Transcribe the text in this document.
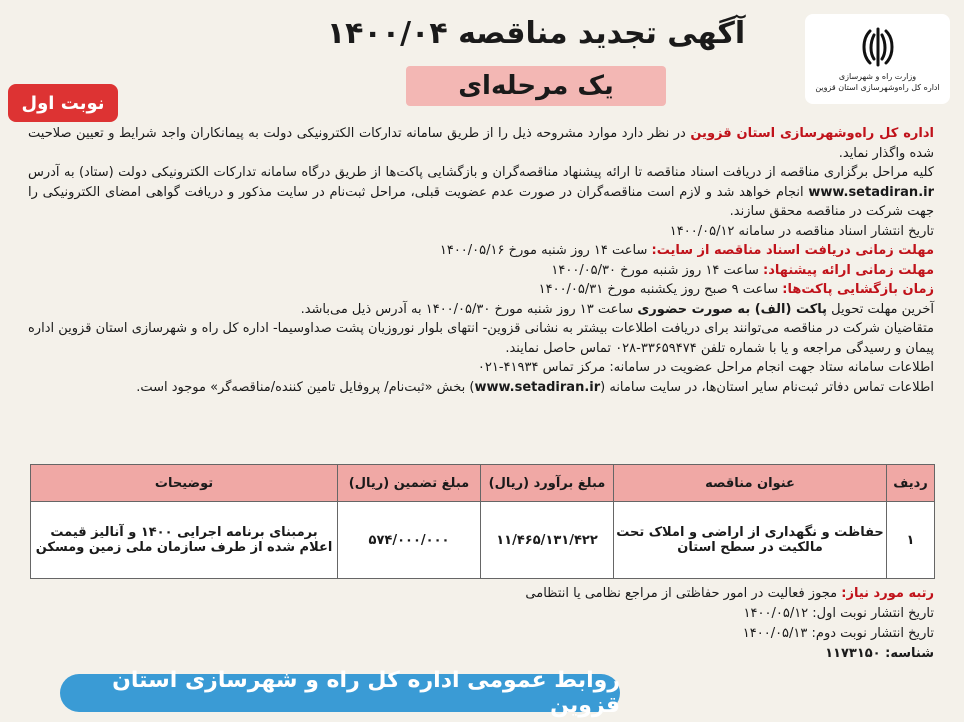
وزارت راه و شهرسازی
اداره کل راه‌وشهرسازی استان قزوین
آگهی تجدید مناقصه ۱۴۰۰/۰۴
یک مرحله‌ای
نوبت اول

اداره کل راه‌وشهرسازی استان قزوین در نظر دارد موارد مشروحه ذیل را از طریق سامانه تدارکات الکترونیکی دولت به پیمانکاران واجد شرایط و تعیین صلاحیت شده واگذار نماید.

کلیه مراحل برگزاری مناقصه از دریافت اسناد مناقصه تا ارائه پیشنهاد مناقصه‌گران و بازگشایی پاکت‌ها از طریق درگاه سامانه تدارکات الکترونیکی دولت (ستاد) به آدرس www.setadiran.ir انجام خواهد شد و لازم است مناقصه‌گران در صورت عدم عضویت قبلی، مراحل ثبت‌نام در سایت مذکور و دریافت گواهی امضای الکترونیکی را جهت شرکت در مناقصه محقق سازند.

تاریخ انتشار اسناد مناقصه در سامانه ۱۴۰۰/۰۵/۱۲

مهلت زمانی دریافت اسناد مناقصه از سایت: ساعت ۱۴ روز شنبه مورخ ۱۴۰۰/۰۵/۱۶

مهلت زمانی ارائه پیشنهاد: ساعت ۱۴ روز شنبه مورخ ۱۴۰۰/۰۵/۳۰

زمان بازگشایی پاکت‌ها: ساعت ۹ صبح روز یکشنبه مورخ ۱۴۰۰/۰۵/۳۱

آخرین مهلت تحویل پاکت (الف) به صورت حضوری ساعت ۱۳ روز شنبه مورخ ۱۴۰۰/۰۵/۳۰ به آدرس ذیل می‌باشد.

متقاضیان شرکت در مناقصه می‌توانند برای دریافت اطلاعات بیشتر به نشانی قزوین- انتهای بلوار نوروزیان پشت صداوسیما- اداره کل راه و شهرسازی استان قزوین اداره پیمان و رسیدگی مراجعه و یا با شماره تلفن ۳۳۶۵۹۴۷۴-۰۲۸ تماس حاصل نمایند.

اطلاعات سامانه ستاد جهت انجام مراحل عضویت در سامانه: مرکز تماس ۴۱۹۳۴-۰۲۱

اطلاعات تماس دفاتر ثبت‌نام سایر استان‌ها، در سایت سامانه (www.setadiran.ir) بخش «ثبت‌نام/ پروفایل تامین کننده/مناقصه‌گر» موجود است.

ردیف	عنوان مناقصه	مبلغ برآورد (ریال)	مبلغ تضمین (ریال)	توضیحات
۱	حفاظت و نگهداری از اراضی و املاک تحت مالکیت در سطح استان	۱۱/۴۶۵/۱۳۱/۴۲۲	۵۷۴/۰۰۰/۰۰۰	برمبنای برنامه اجرایی ۱۴۰۰ و آنالیز قیمت اعلام شده از طرف سازمان ملی زمین ومسکن

رتبه مورد نیاز: مجوز فعالیت در امور حفاظتی از مراجع نظامی یا انتظامی

تاریخ انتشار نوبت اول: ۱۴۰۰/۰۵/۱۲

تاریخ انتشار نوبت دوم: ۱۴۰۰/۰۵/۱۳

شناسه: ۱۱۷۳۱۵۰

روابط عمومی اداره کل راه و شهرسازی استان قزوین
